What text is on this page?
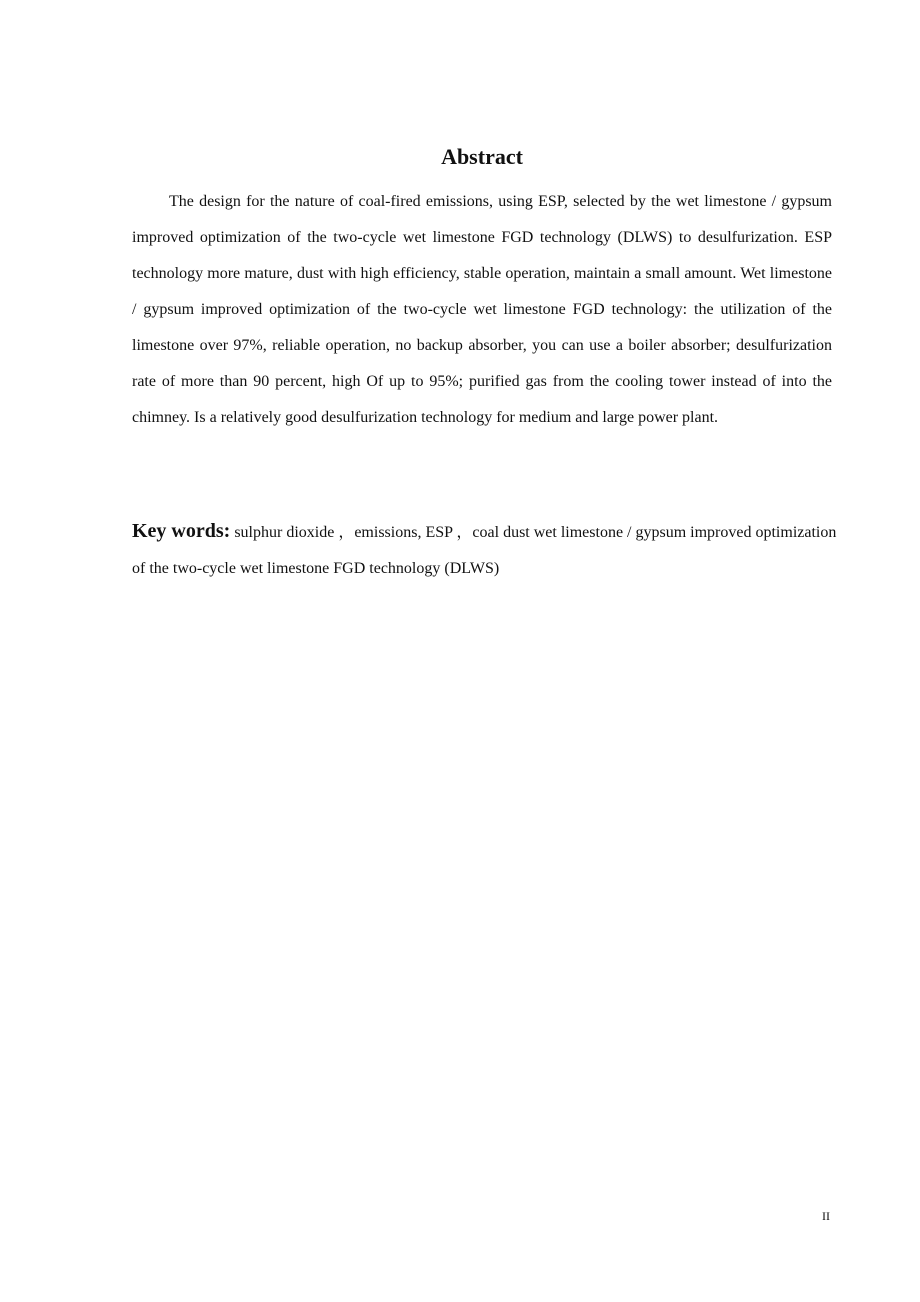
Abstract

The design for the nature of coal-fired emissions, using ESP, selected by the wet limestone / gypsum improved optimization of the two-cycle wet limestone FGD technology (DLWS) to desulfurization. ESP technology more mature, dust with high efficiency, stable operation, maintain a small amount. Wet limestone / gypsum improved optimization of the two-cycle wet limestone FGD technology: the utilization of the limestone over 97%, reliable operation, no backup absorber, you can use a boiler absorber; desulfurization rate of more than 90 percent, high Of up to 95%; purified gas from the cooling tower instead of into the chimney. Is a relatively good desulfurization technology for medium and large power plant.

Key words: sulphur dioxide ，emissions, ESP ，coal dust wet limestone / gypsum improved optimization of the two-cycle wet limestone FGD technology (DLWS)

II
